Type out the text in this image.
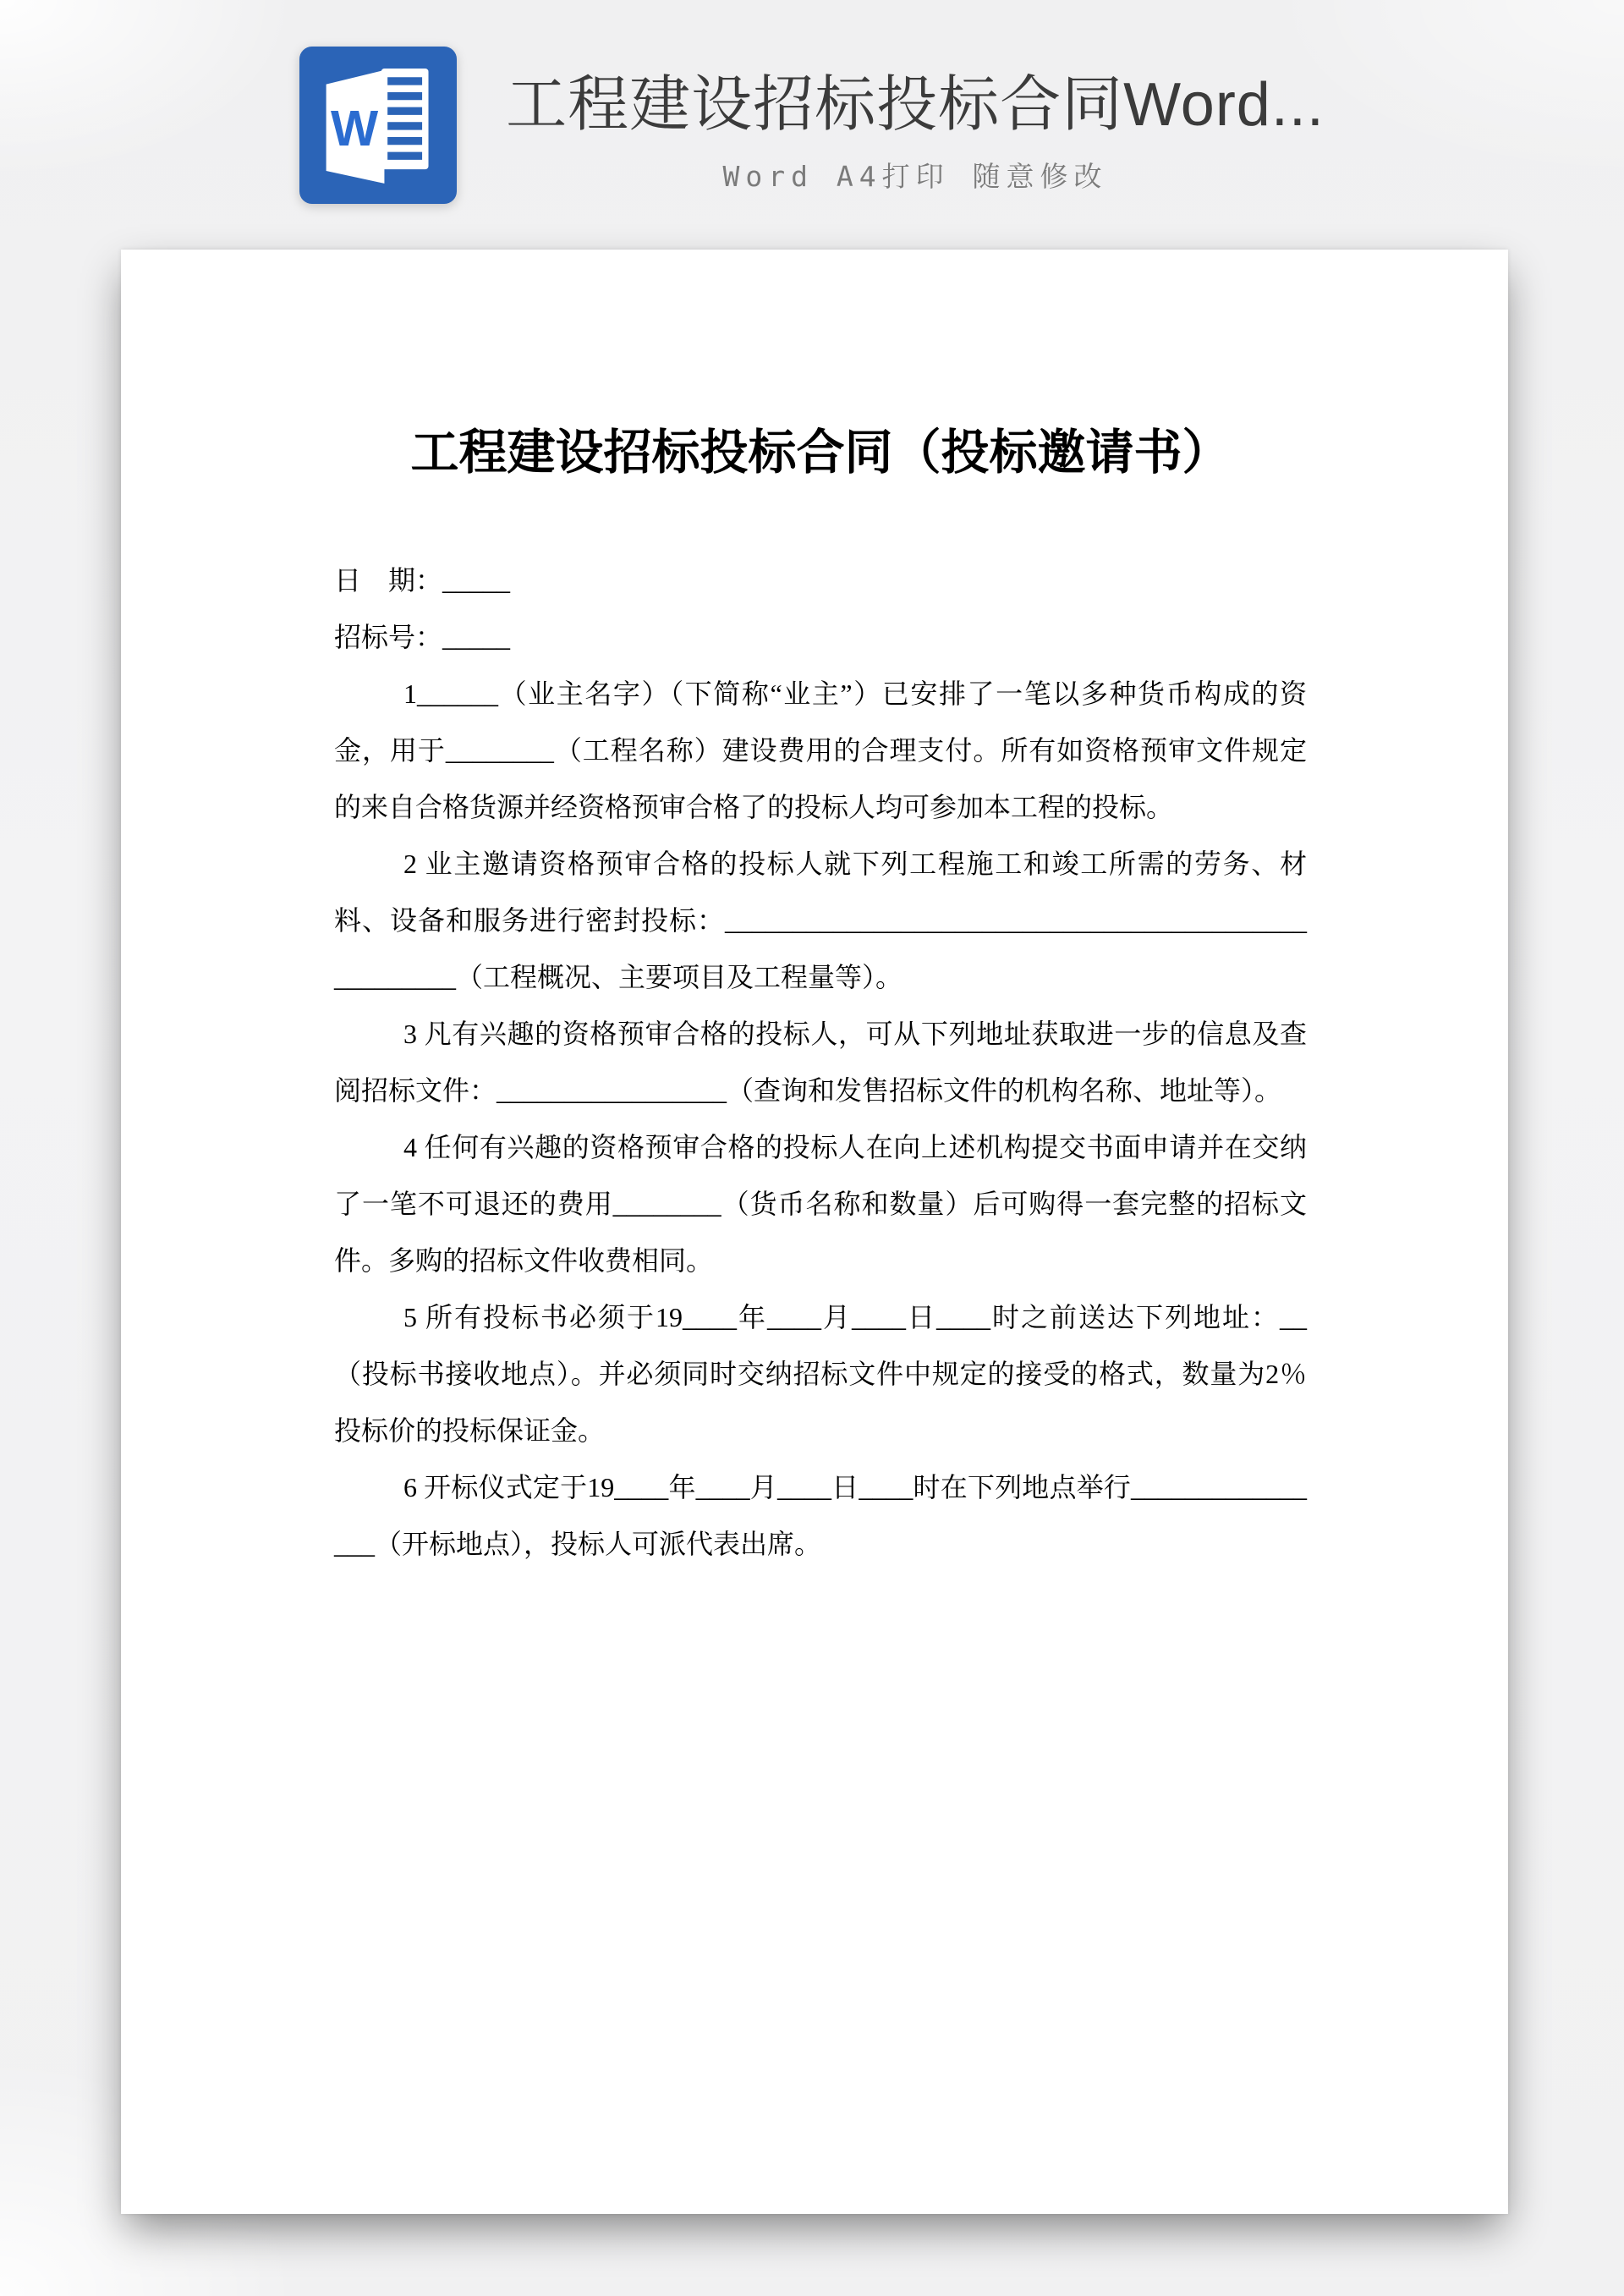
W 工程建设招标投标合同Word...
Word A4打印 随意修改
工程建设招标投标合同（投标邀请书）

日　期：_____

招标号：_____

1______（业主名字）（下简称“业主”）已安排了一笔以多种货币构成的资金，用于________（工程名称）建设费用的合理支付。所有如资格预审文件规定的来自合格货源并经资格预审合格了的投标人均可参加本工程的投标。

2 业主邀请资格预审合格的投标人就下列工程施工和竣工所需的劳务、材料、设备和服务进行密封投标：____________________________________________________（工程概况、主要项目及工程量等）。

3 凡有兴趣的资格预审合格的投标人，可从下列地址获取进一步的信息及查阅招标文件：_________________（查询和发售招标文件的机构名称、地址等）。

4 任何有兴趣的资格预审合格的投标人在向上述机构提交书面申请并在交纳了一笔不可退还的费用________（货币名称和数量）后可购得一套完整的招标文件。多购的招标文件收费相同。

5 所有投标书必须于19____年____月____日____时之前送达下列地址：__（投标书接收地点）。并必须同时交纳招标文件中规定的接受的格式，数量为2％投标价的投标保证金。

6 开标仪式定于19____年____月____日____时在下列地点举行________________（开标地点），投标人可派代表出席。
